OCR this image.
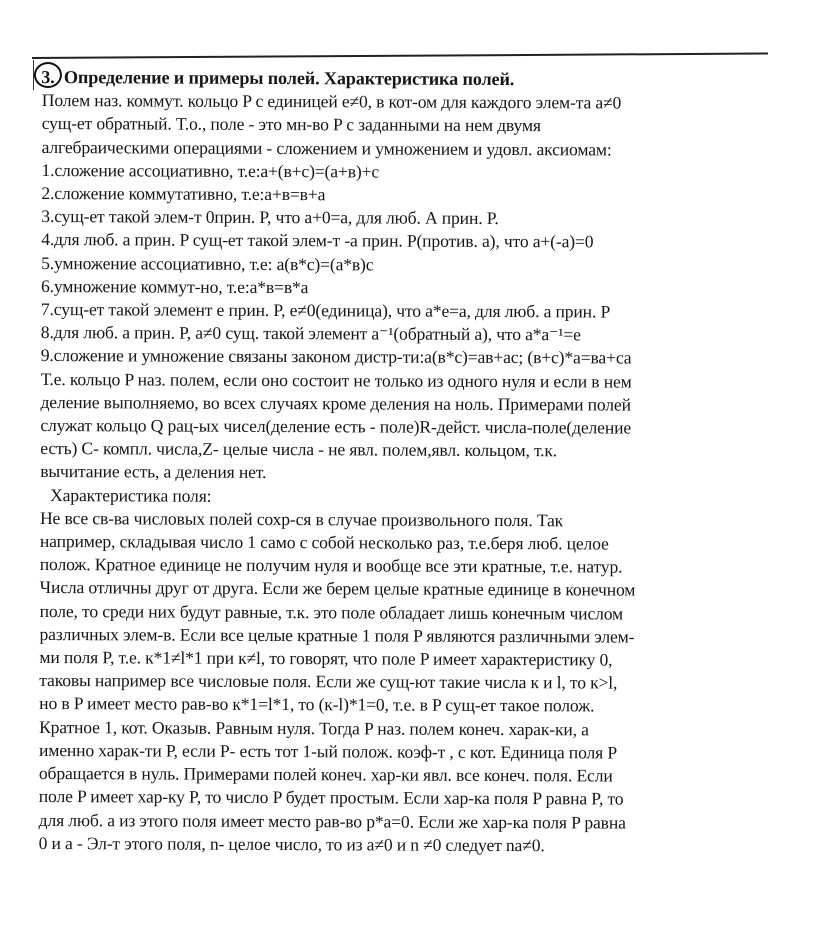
3. Определение и примеры полей. Характеристика полей.
Полем наз. коммут. кольцо P с единицей e≠0, в кот-ом для каждого элем-та a≠0
сущ-ет обратный. Т.о., поле - это мн-во P с заданными на нем двумя
алгебраическими операциями - сложением и умножением и удовл. аксиомам:
1.сложение ассоциативно, т.е:а+(в+с)=(а+в)+с
2.сложение коммутативно, т.е:а+в=в+а
3.сущ-ет такой элем-т 0прин. P, что а+0=а, для люб. А прин. P.
4.для люб. а прин. P сущ-ет такой элем-т -а прин. P(против. а), что а+(-а)=0
5.умножение ассоциативно, т.е: а(в*с)=(а*в)с
6.умножение коммут-но, т.е:а*в=в*а
7.сущ-ет такой элемент е прин. P, е≠0(единица), что а*е=а, для люб. а прин. P
8.для люб. а прин. P, а≠0 сущ. такой элемент а⁻¹(обратный а), что а*а⁻¹=е
9.сложение и умножение связаны законом дистр-ти:а(в*с)=ав+ас; (в+с)*а=ва+са
Т.е. кольцо P наз. полем, если оно состоит не только из одного нуля и если в нем
деление выполняемо, во всех случаях кроме деления на ноль. Примерами полей
служат кольцо Q рац-ых чисел(деление есть - поле)R-дейст. числа-поле(деление
есть) C- компл. числа,Z- целые числа - не явл. полем,явл. кольцом, т.к.
вычитание есть, а деления нет.
Характеристика поля:
Не все св-ва числовых полей сохр-ся в случае произвольного поля. Так
например, складывая число 1 само с собой несколько раз, т.е.беря люб. целое
полож. Кратное единице не получим нуля и вообще все эти кратные, т.е. натур.
Числа отличны друг от друга. Если же берем целые кратные единице в конечном
поле, то среди них будут равные, т.к. это поле обладает лишь конечным числом
различных элем-в. Если все целые кратные 1 поля P являются различными элем-
ми поля P, т.е. к*1≠l*1 при к≠l, то говорят, что поле P имеет характеристику 0,
таковы например все числовые поля. Если же сущ-ют такие числа к и l, то к>l,
но в P имеет место рав-во к*1=l*1, то (к-l)*1=0, т.е. в P сущ-ет такое полож.
Кратное 1, кот. Оказыв. Равным нуля. Тогда P наз. полем конеч. харак-ки, а
именно харак-ти P, если P- есть тот 1-ый полож. коэф-т , с кот. Единица поля P
обращается в нуль. Примерами полей конеч. хар-ки явл. все конеч. поля. Если
поле P имеет хар-ку P, то число P будет простым. Если хар-ка поля P равна P, то
для люб. а из этого поля имеет место рав-во p*а=0. Если же хар-ка поля P равна
0 и а - Эл-т этого поля, n- целое число, то из а≠0 и n ≠0 следует na≠0.
